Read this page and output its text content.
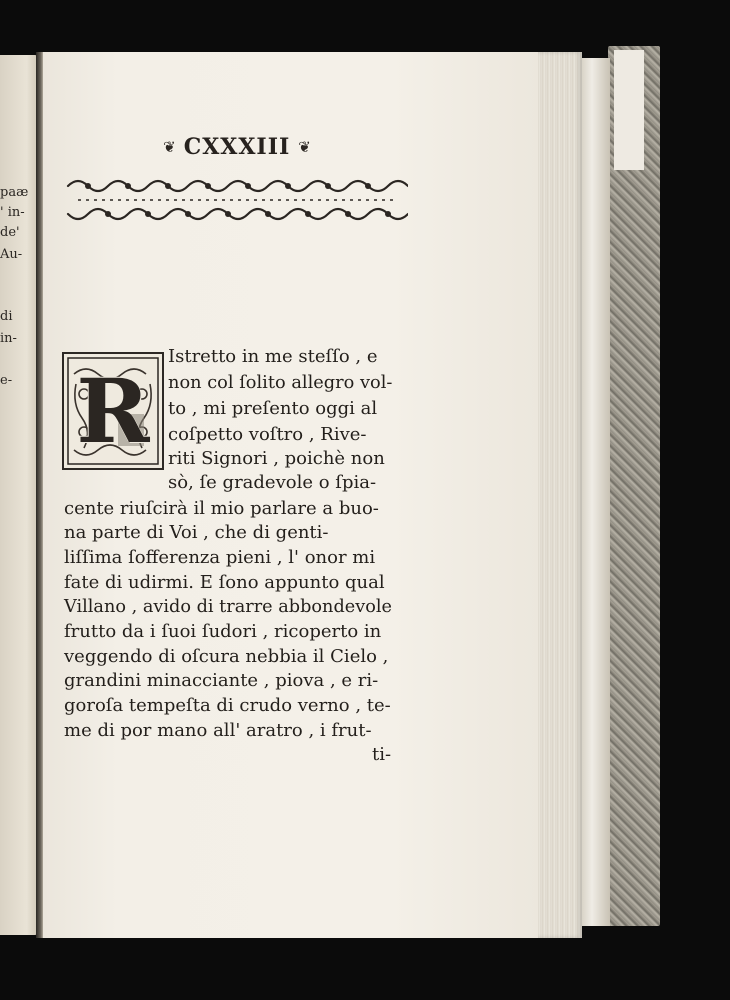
paæ
' in-
de'
Au-
di
in-
e-
❦ CXXXIII ❦
R
Istretto in me steſſo , e
non col ſolito allegro vol-
to , mi preſento oggi al
coſpetto voſtro , Rive-
riti Signori , poichè non
sò, ſe gradevole o ſpia-
cente riuſcirà il mio parlare a buo-
na parte di Voi , che di genti-
liſſima ſofferenza pieni , l' onor mi
fate di udirmi. E ſono appunto qual
Villano , avido di trarre abbondevole
frutto da i ſuoi ſudori , ricoperto in
veggendo di oſcura nebbia il Cielo ,
grandini minacciante , piova , e ri-
goroſa tempeſta di crudo verno , te-
me di por mano all' aratro , i frut-
ti-
